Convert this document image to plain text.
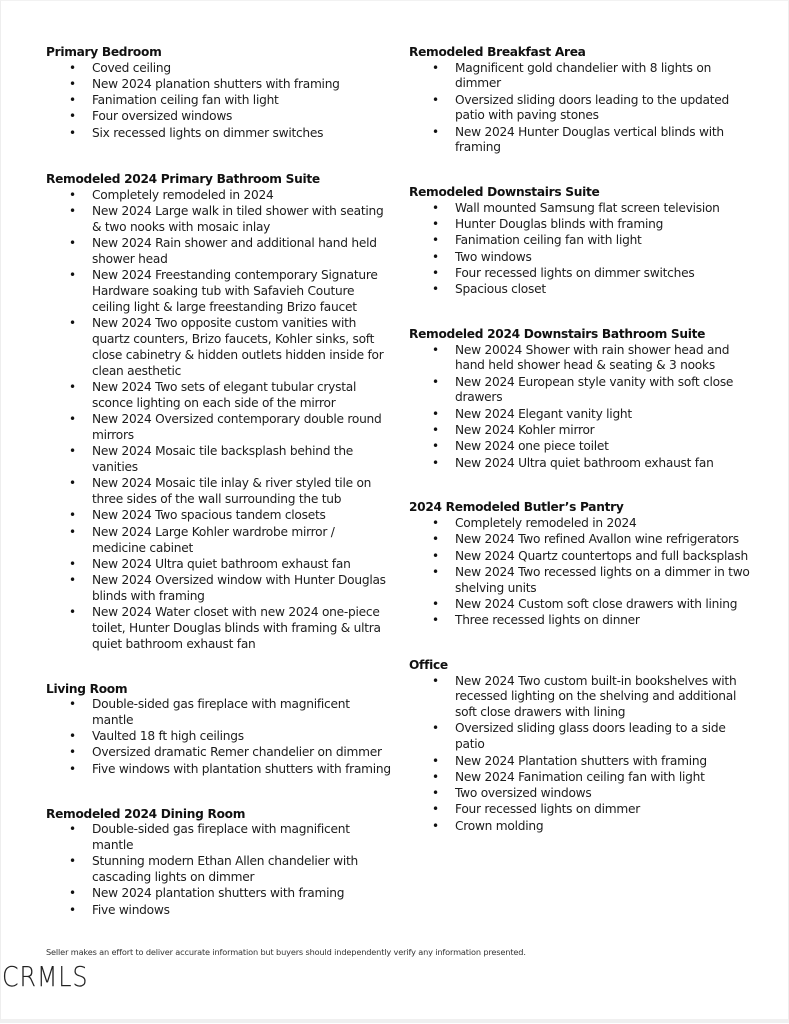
Primary Bedroom
• Coved ceiling
• New 2024 planation shutters with framing
• Fanimation ceiling fan with light
• Four oversized windows
• Six recessed lights on dimmer switches
Remodeled 2024 Primary Bathroom Suite
• Completely remodeled in 2024
• New 2024 Large walk in tiled shower with seating & two nooks with mosaic inlay
• New 2024 Rain shower and additional hand held shower head
• New 2024 Freestanding contemporary Signature Hardware soaking tub with Safavieh Couture ceiling light & large freestanding Brizo faucet
• New 2024 Two opposite custom vanities with quartz counters, Brizo faucets, Kohler sinks, soft close cabinetry & hidden outlets hidden inside for clean aesthetic
• New 2024 Two sets of elegant tubular crystal sconce lighting on each side of the mirror
• New 2024 Oversized contemporary double round mirrors
• New 2024 Mosaic tile backsplash behind the vanities
• New 2024 Mosaic tile inlay & river styled tile on three sides of the wall surrounding the tub
• New 2024 Two spacious tandem closets
• New 2024 Large Kohler wardrobe mirror / medicine cabinet
• New 2024 Ultra quiet bathroom exhaust fan
• New 2024 Oversized window with Hunter Douglas blinds with framing
• New 2024 Water closet with new 2024 one-piece toilet, Hunter Douglas blinds with framing & ultra quiet bathroom exhaust fan
Living Room
• Double-sided gas fireplace with magnificent mantle
• Vaulted 18 ft high ceilings
• Oversized dramatic Remer chandelier on dimmer
• Five windows with plantation shutters with framing
Remodeled 2024 Dining Room
• Double-sided gas fireplace with magnificent mantle
• Stunning modern Ethan Allen chandelier with cascading lights on dimmer
• New 2024 plantation shutters with framing
• Five windows
Remodeled Breakfast Area
• Magnificent gold chandelier with 8 lights on dimmer
• Oversized sliding doors leading to the updated patio with paving stones
• New 2024 Hunter Douglas vertical blinds with framing
Remodeled Downstairs Suite
• Wall mounted Samsung flat screen television
• Hunter Douglas blinds with framing
• Fanimation ceiling fan with light
• Two windows
• Four recessed lights on dimmer switches
• Spacious closet
Remodeled 2024 Downstairs Bathroom Suite
• New 20024 Shower with rain shower head and hand held shower head & seating & 3 nooks
• New 2024 European style vanity with soft close drawers
• New 2024 Elegant vanity light
• New 2024 Kohler mirror
• New 2024 one piece toilet
• New 2024 Ultra quiet bathroom exhaust fan
2024 Remodeled Butler’s Pantry
• Completely remodeled in 2024
• New 2024 Two refined Avallon wine refrigerators
• New 2024 Quartz countertops and full backsplash
• New 2024 Two recessed lights on a dimmer in two shelving units
• New 2024 Custom soft close drawers with lining
• Three recessed lights on dinner
Office
• New 2024 Two custom built-in bookshelves with recessed lighting on the shelving and additional soft close drawers with lining
• Oversized sliding glass doors leading to a side patio
• New 2024 Plantation shutters with framing
• New 2024 Fanimation ceiling fan with light
• Two oversized windows
• Four recessed lights on dimmer
• Crown molding
Seller makes an effort to deliver accurate information but buyers should independently verify any information presented.
CRMLS
